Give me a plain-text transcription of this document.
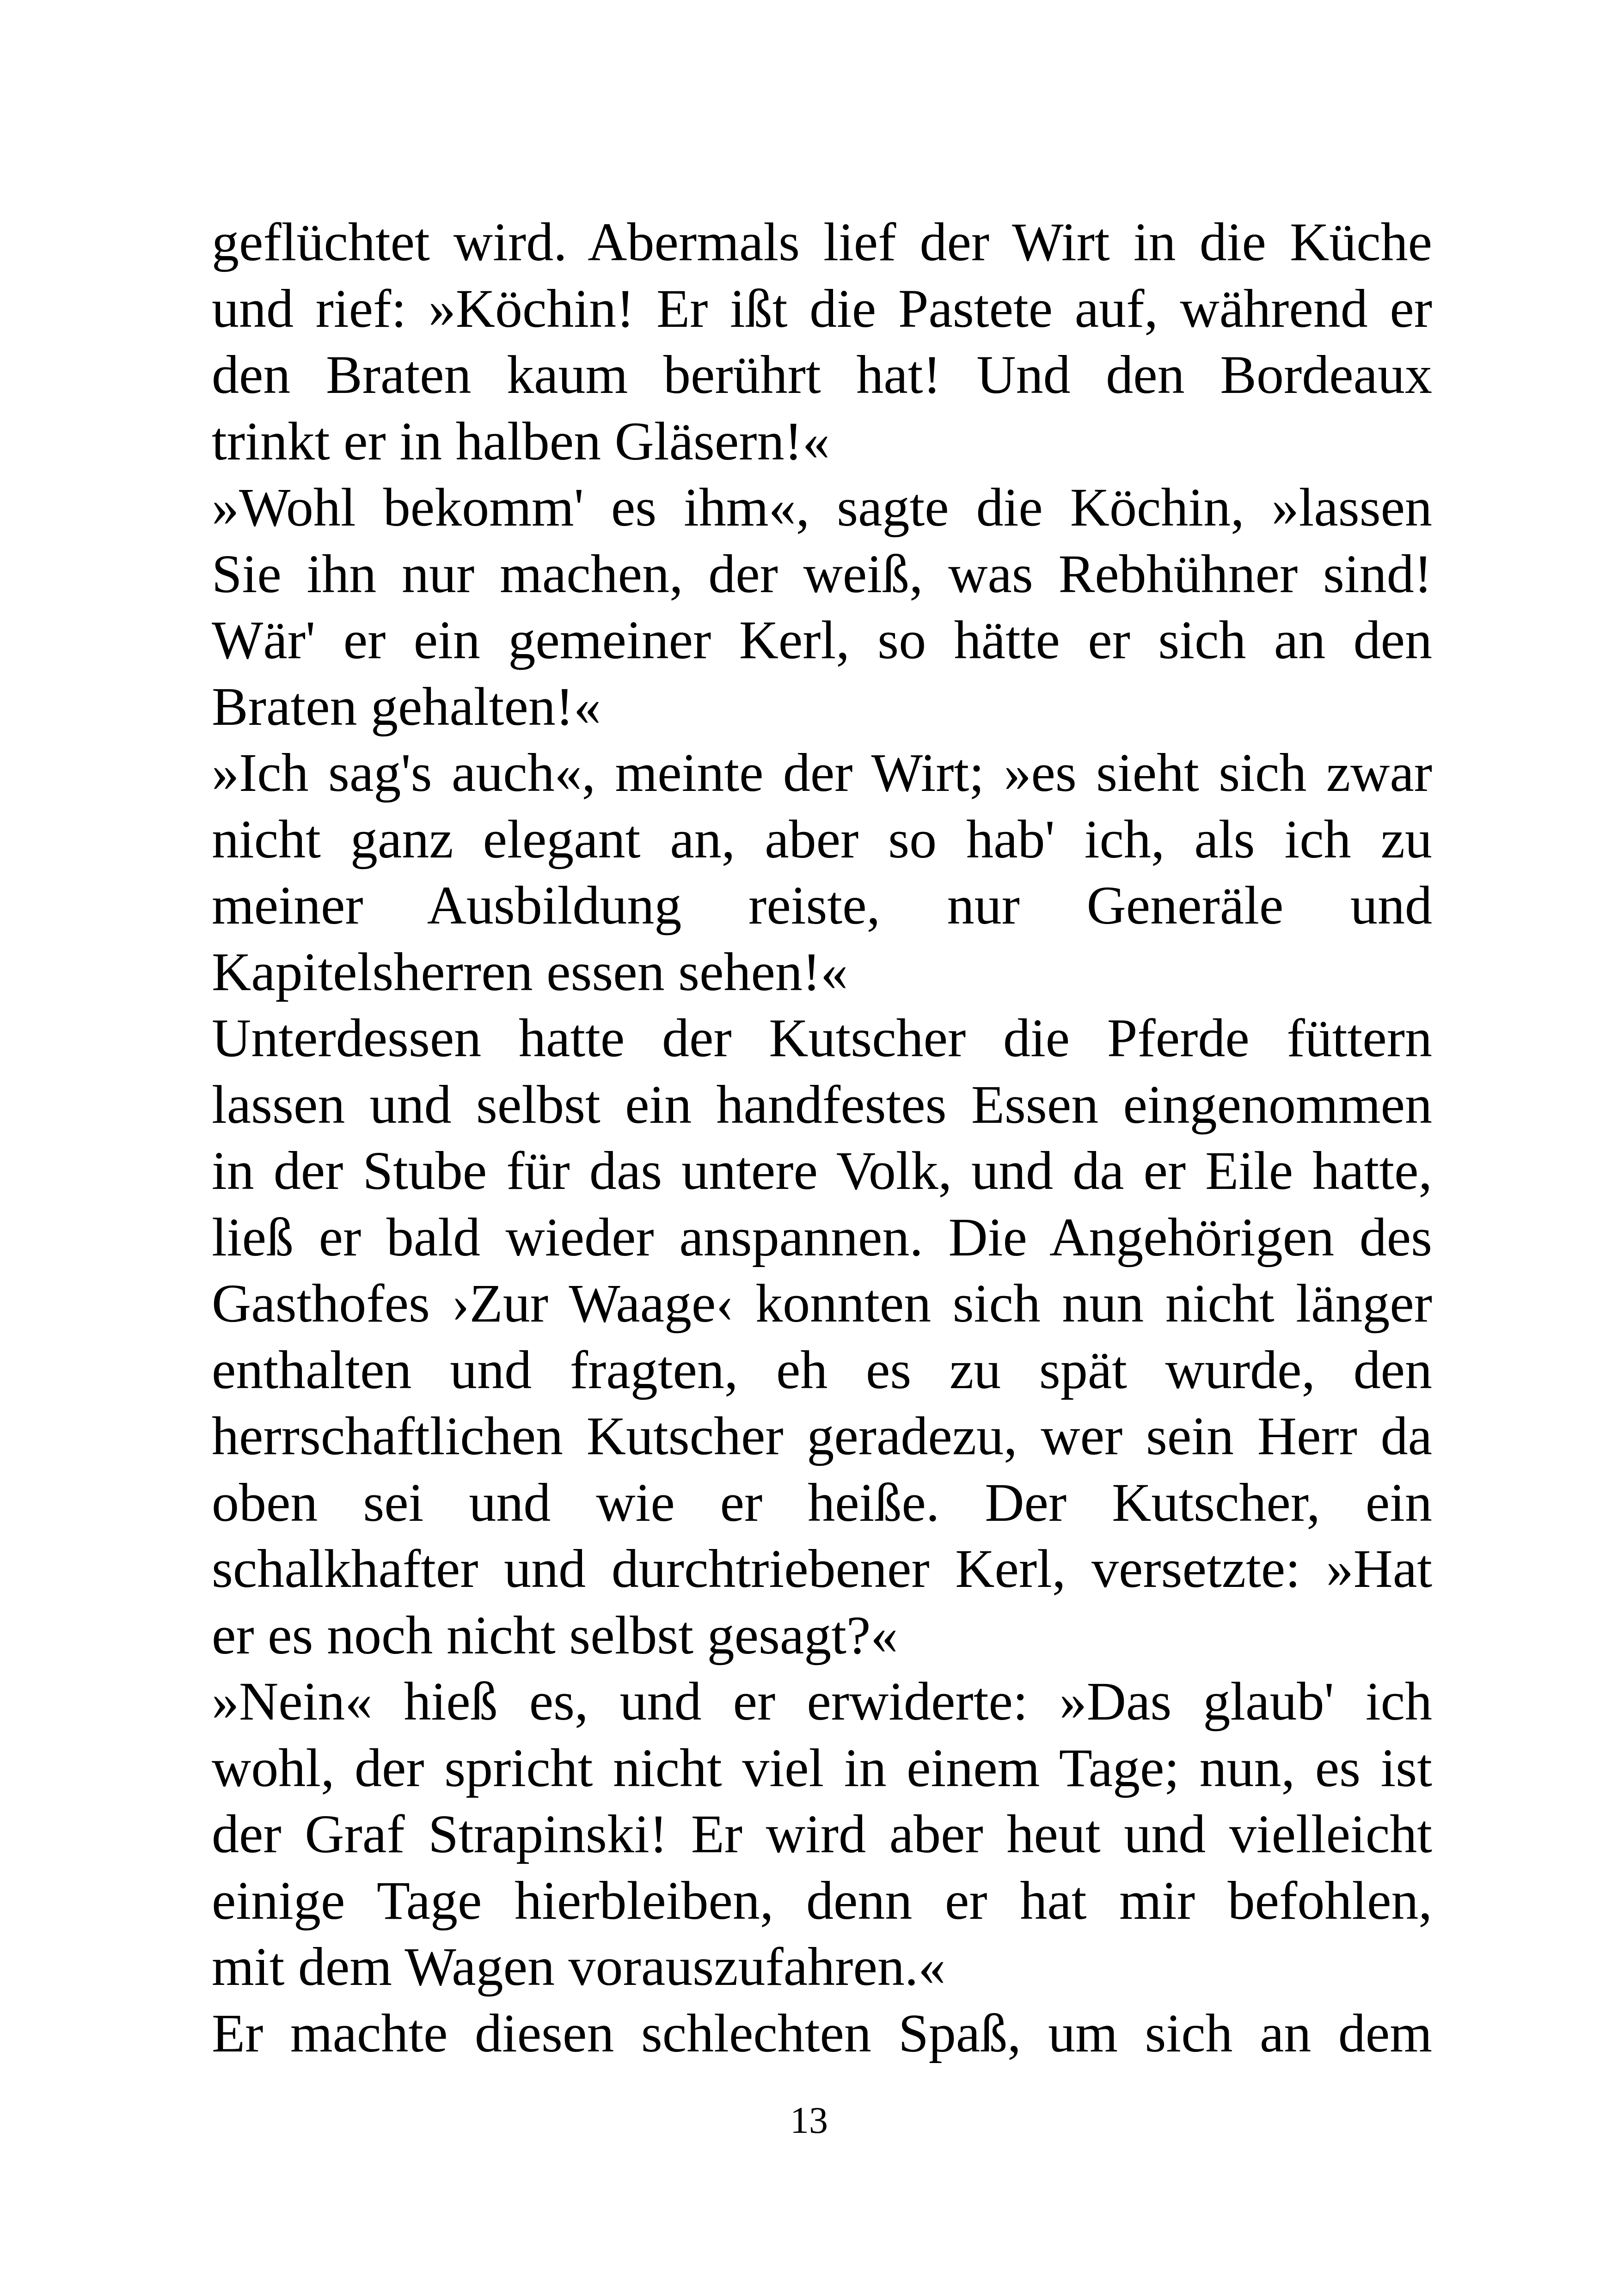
geflüchtet wird. Abermals lief der Wirt in die Küche
und rief: »Köchin! Er ißt die Pastete auf, während er
den Braten kaum berührt hat! Und den Bordeaux
trinkt er in halben Gläsern!«
»Wohl bekomm' es ihm«, sagte die Köchin, »lassen
Sie ihn nur machen, der weiß, was Rebhühner sind!
Wär' er ein gemeiner Kerl, so hätte er sich an den
Braten gehalten!«
»Ich sag's auch«, meinte der Wirt; »es sieht sich zwar
nicht ganz elegant an, aber so hab' ich, als ich zu
meiner Ausbildung reiste, nur Generäle und
Kapitelsherren essen sehen!«
Unterdessen hatte der Kutscher die Pferde füttern
lassen und selbst ein handfestes Essen eingenommen
in der Stube für das untere Volk, und da er Eile hatte,
ließ er bald wieder anspannen. Die Angehörigen des
Gasthofes ›Zur Waage‹ konnten sich nun nicht länger
enthalten und fragten, eh es zu spät wurde, den
herrschaftlichen Kutscher geradezu, wer sein Herr da
oben sei und wie er heiße. Der Kutscher, ein
schalkhafter und durchtriebener Kerl, versetzte: »Hat
er es noch nicht selbst gesagt?«
»Nein« hieß es, und er erwiderte: »Das glaub' ich
wohl, der spricht nicht viel in einem Tage; nun, es ist
der Graf Strapinski! Er wird aber heut und vielleicht
einige Tage hierbleiben, denn er hat mir befohlen,
mit dem Wagen vorauszufahren.«
Er machte diesen schlechten Spaß, um sich an dem
13
